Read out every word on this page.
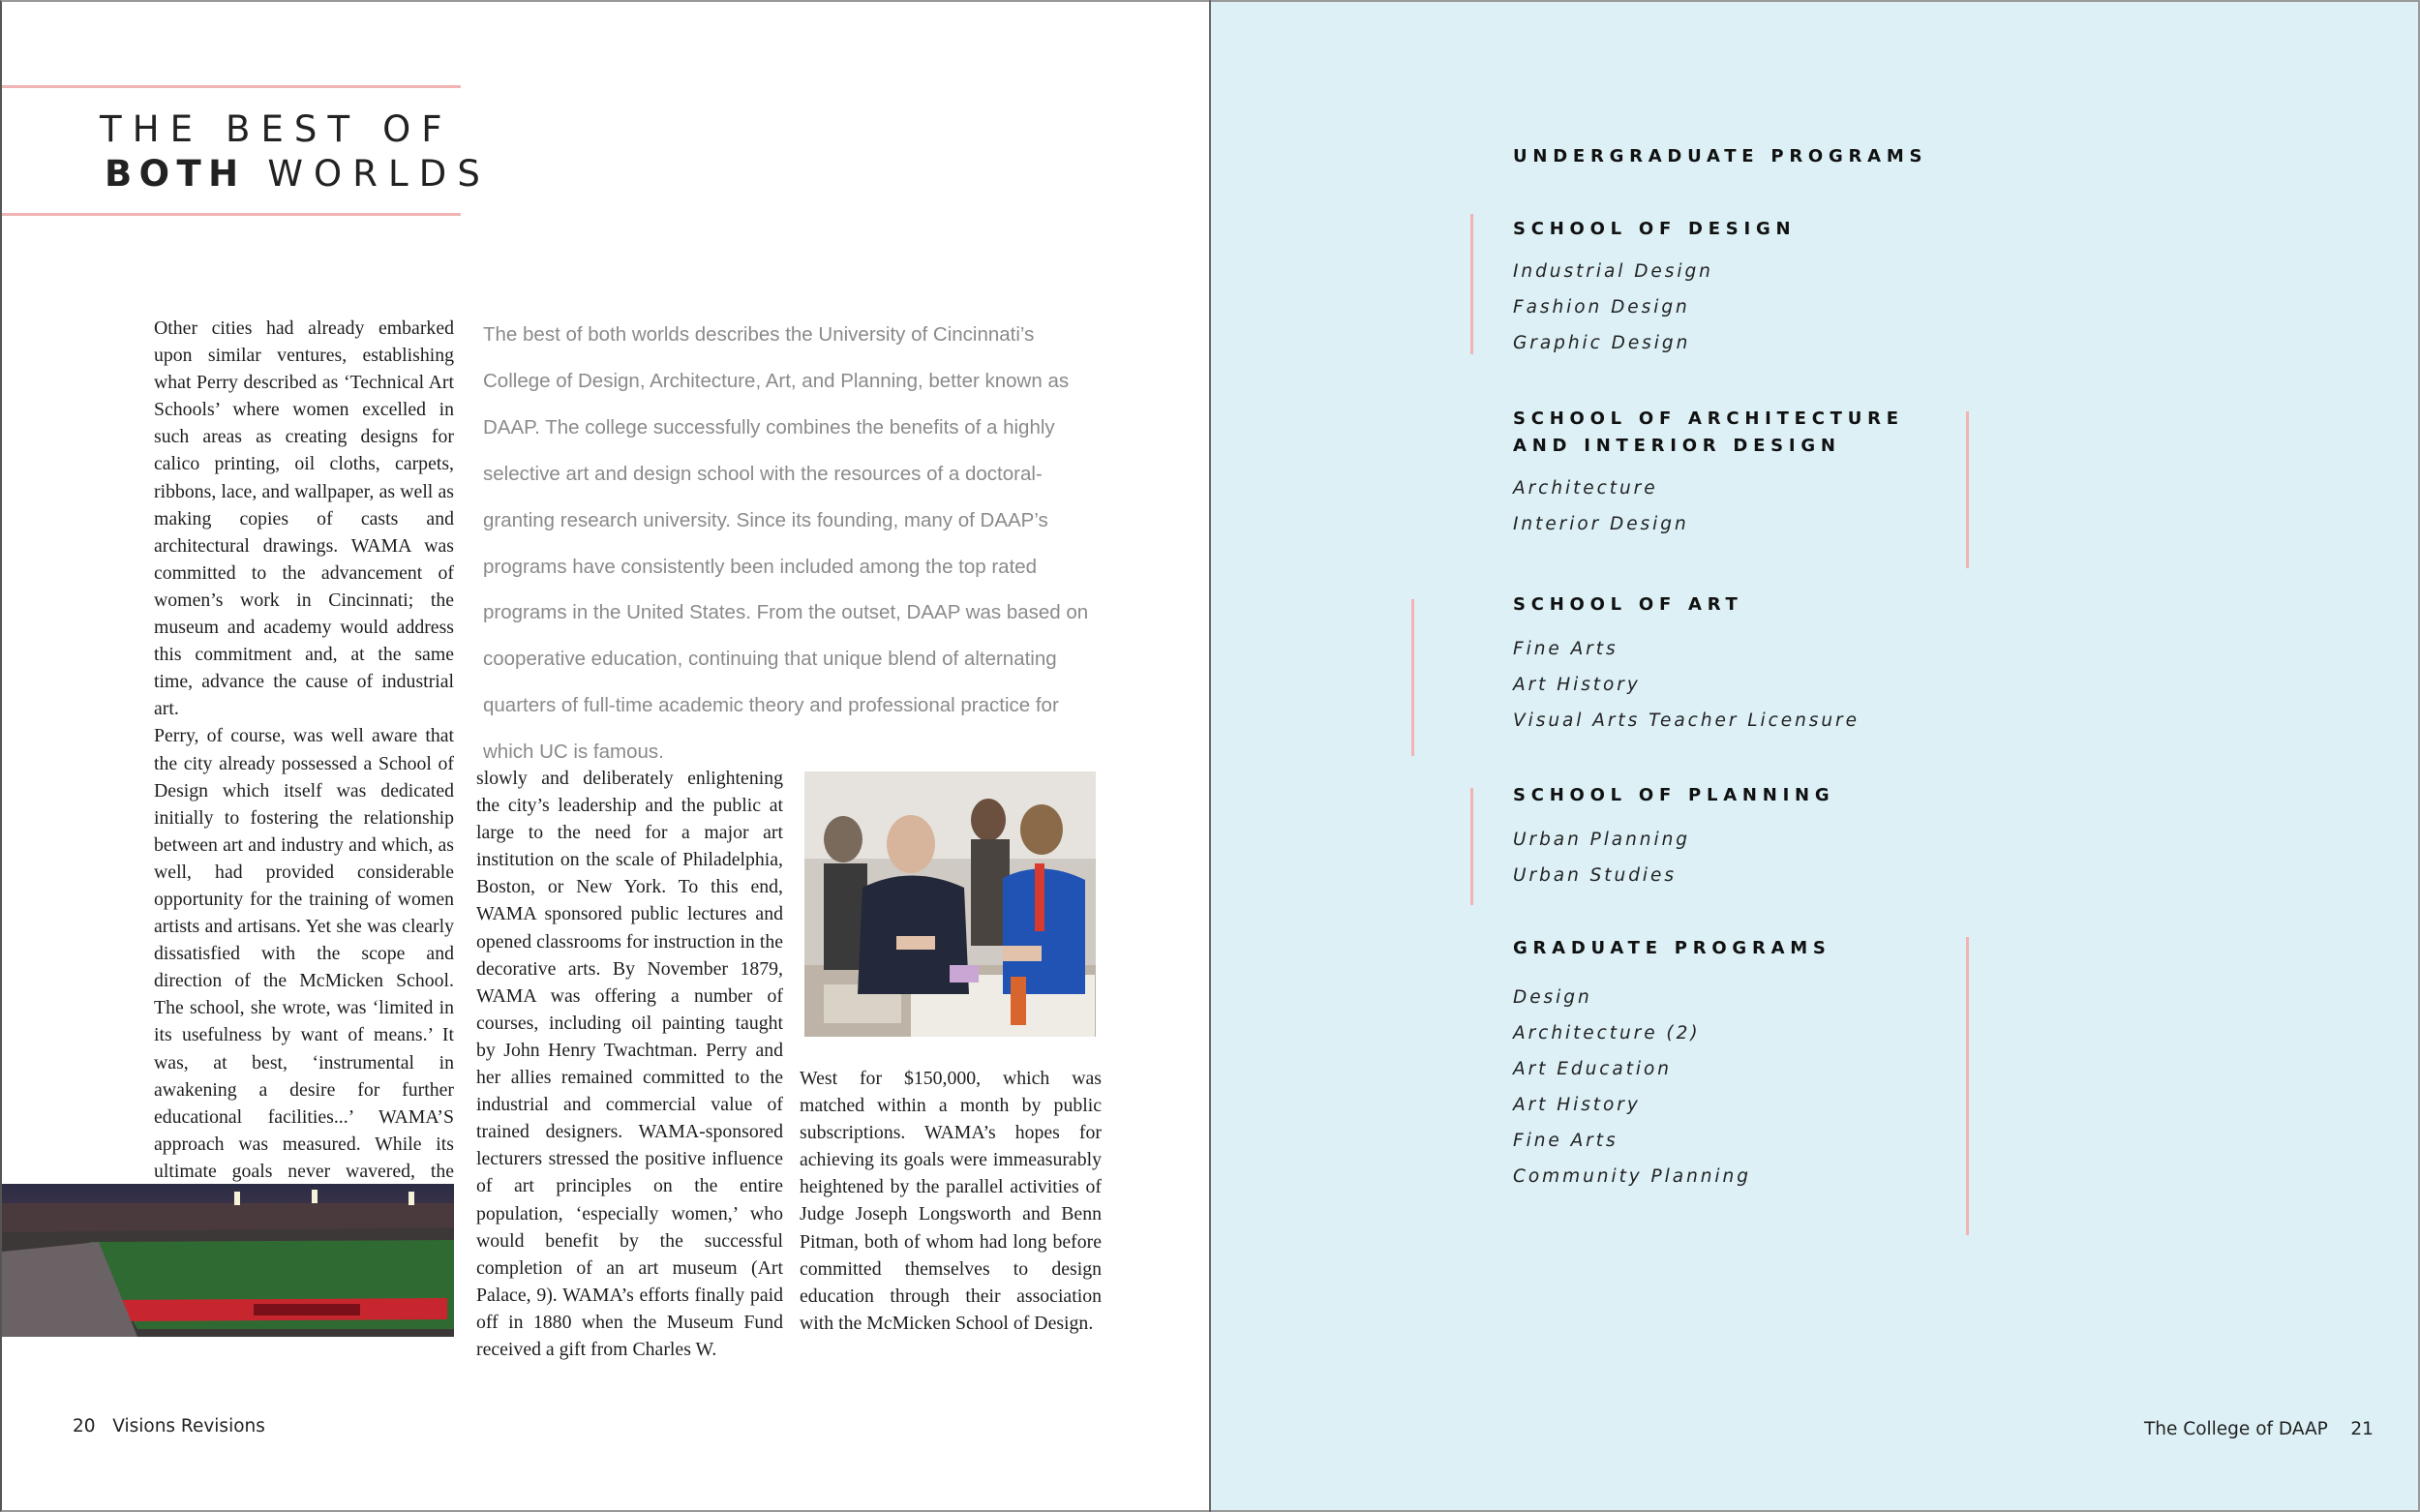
THE BEST OF
BOTH WORLDS

Other cities had already embarked upon similar ventures, establishing what Perry described as ‘Technical Art Schools’ where women excelled in such areas as creating designs for calico printing, oil cloths, carpets, ribbons, lace, and wallpaper, as well as making copies of casts and architectural drawings. WAMA was committed to the advancement of women’s work in Cincinnati; the museum and academy would address this commitment and, at the same time, advance the cause of industrial art.

Perry, of course, was well aware that the city already possessed a School of Design which itself was dedicated initially to fostering the relationship between art and industry and which, as well, had provided considerable opportunity for the training of women artists and artisans. Yet she was clearly dissatisfied with the scope and direction of the McMicken School. The school, she wrote, was ‘limited in its usefulness by want of means.’ It was, at best, ‘instrumental in awakening a desire for further educational facilities...’ WAMA’S approach was measured. While its ultimate goals never wavered, the

The best of both worlds describes the University of Cincinnati’s College of Design, Architecture, Art, and Planning, better known as DAAP. The college successfully combines the benefits of a highly selective art and design school with the resources of a doctoral-granting research university. Since its founding, many of DAAP’s programs have consistently been included among the top rated programs in the United States. From the outset, DAAP was based on cooperative education, continuing that unique blend of alternating quarters of full-time academic theory and professional practice for which UC is famous.
slowly and deliberately enlightening the city’s leadership and the public at large to the need for a major art institution on the scale of Philadelphia, Boston, or New York. To this end, WAMA sponsored public lectures and opened classrooms for instruction in the decorative arts. By November 1879, WAMA was offering a number of courses, including oil painting taught by John Henry Twachtman. Perry and her allies remained committed to the industrial and commercial value of trained designers. WAMA-sponsored lecturers stressed the positive influence of art principles on the entire population, ‘especially women,’ who would benefit by the successful completion of an art museum (Art Palace, 9). WAMA’s efforts finally paid off in 1880 when the Museum Fund received a gift from Charles W.
West for $150,000, which was matched within a month by public subscriptions. WAMA’s hopes for achieving its goals were immeasurably heightened by the parallel activities of Judge Joseph Longsworth and Benn Pitman, both of whom had long before committed themselves to design education through their association with the McMicken School of Design.
20 Visions Revisions
UNDERGRADUATE PROGRAMS
SCHOOL OF DESIGN
Industrial Design
Fashion Design
Graphic Design
SCHOOL OF ARCHITECTURE
AND INTERIOR DESIGN
Architecture
Interior Design
SCHOOL OF ART
Fine Arts
Art History
Visual Arts Teacher Licensure
SCHOOL OF PLANNING
Urban Planning
Urban Studies
GRADUATE PROGRAMS
Design
Architecture (2)
Art Education
Art History
Fine Arts
Community Planning
The College of DAAP 21
